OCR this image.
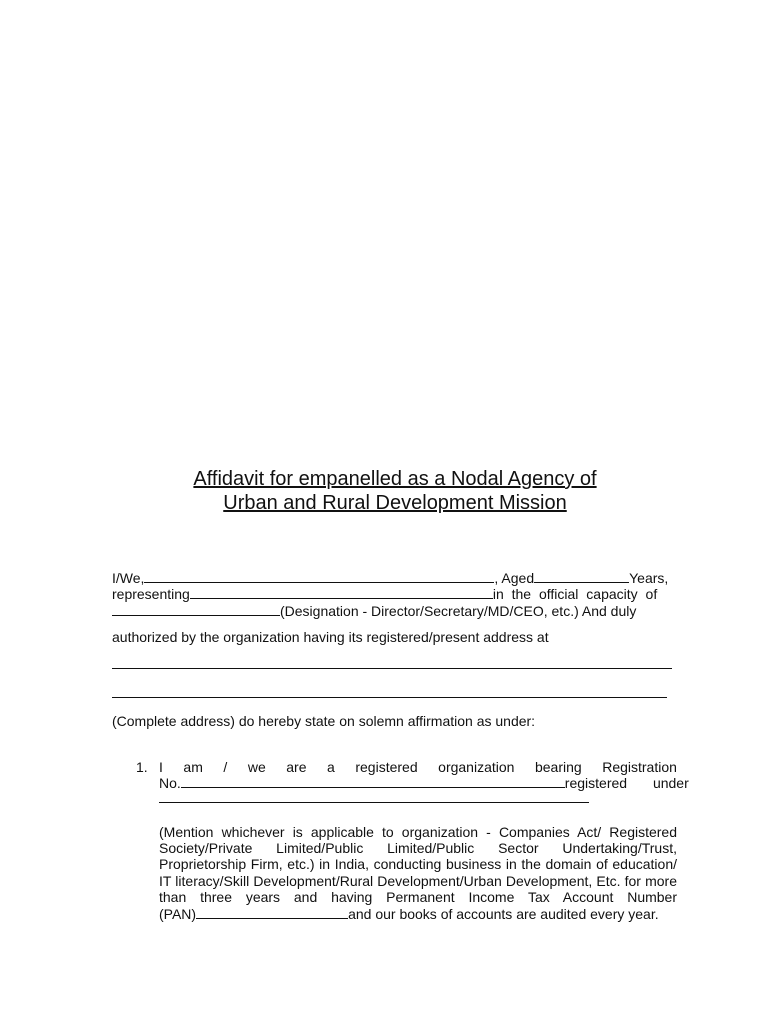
Affidavit for empanelled as a Nodal Agency of
Urban and Rural Development Mission
I/We,	, Aged	Years,
representing	in the official capacity of
(Designation - Director/Secretary/MD/CEO, etc.) And duly
authorized by the organization having its registered/present address at
(Complete address) do hereby state on solemn affirmation as under:
1. I am / we are a registered organization bearing Registration
No.	registered under
(Mention whichever is applicable to organization - Companies Act/ Registered
Society/Private Limited/Public Limited/Public Sector Undertaking/Trust,
Proprietorship Firm, etc.) in India, conducting business in the domain of education/
IT literacy/Skill Development/Rural Development/Urban Development, Etc. for more
than three years and having Permanent Income Tax Account Number
(PAN)	and our books of accounts are audited every year.
